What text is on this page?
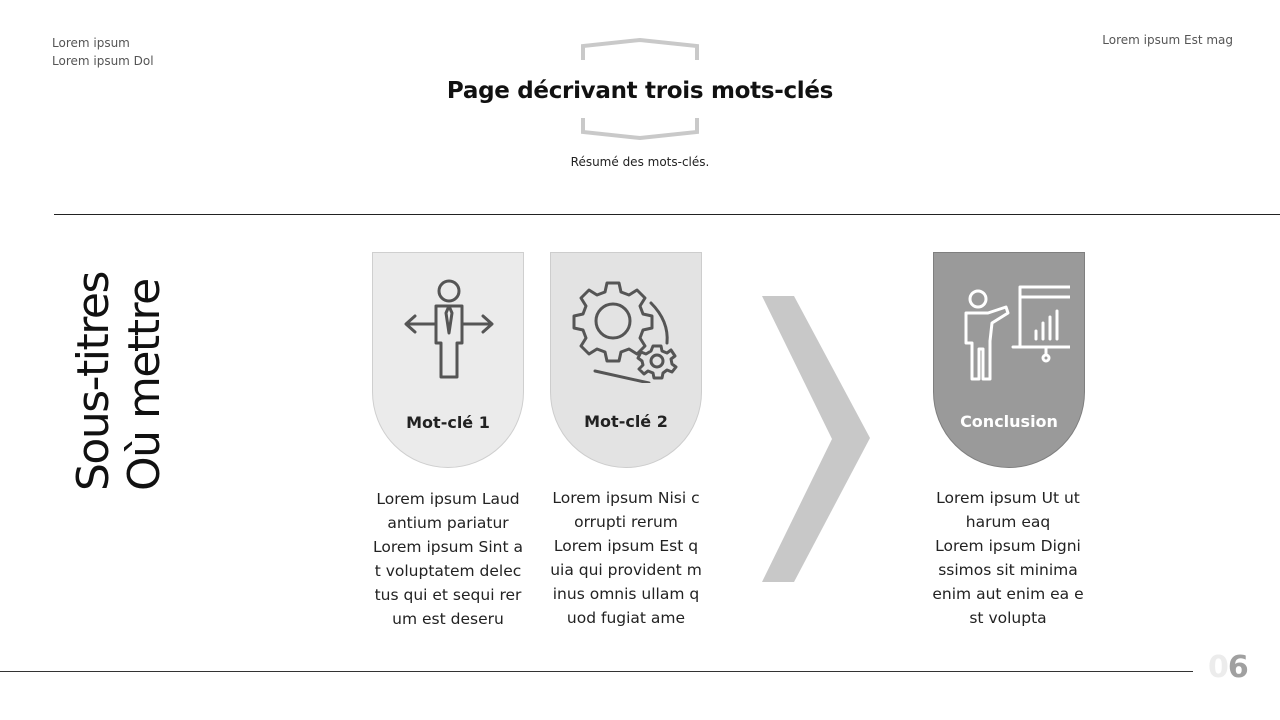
Lorem ipsum
Lorem ipsum Dol
Lorem ipsum Est mag
Page décrivant trois mots-clés
Résumé des mots-clés.
Sous-titres Où mettre	Mot-clé 1	Mot-clé 2	Conclusion
Lorem ipsum Laud
antium pariatur
Lorem ipsum Sint a
t voluptatem delec
tus qui et sequi rer
um est deseru
Lorem ipsum Nisi c
orrupti rerum
Lorem ipsum Est q
uia qui provident m
inus omnis ullam q
uod fugiat ame
Lorem ipsum Ut ut
harum eaq
Lorem ipsum Digni
ssimos sit minima
enim aut enim ea e
st volupta
06
